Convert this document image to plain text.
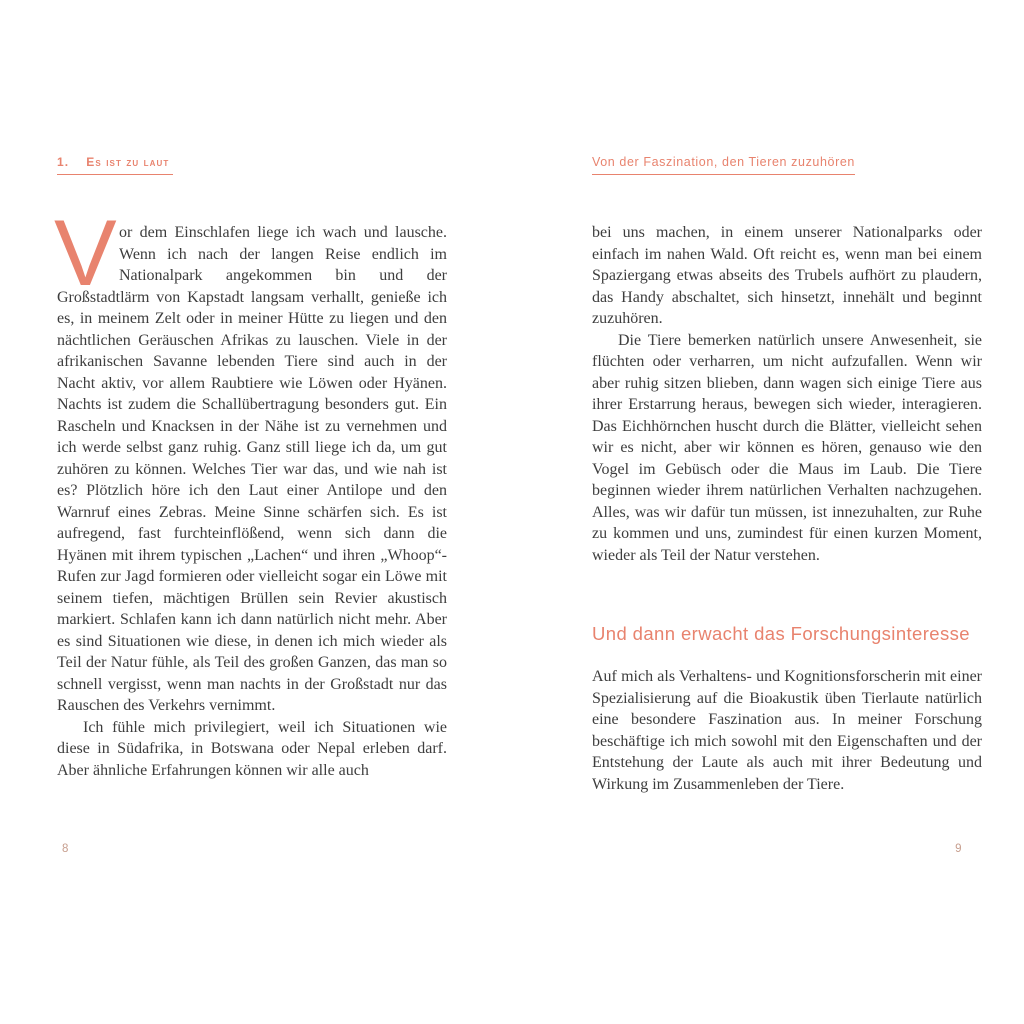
1. Es ist zu laut
V or dem Einschlafen liege ich wach und lausche. Wenn ich nach der langen Reise endlich im Nationalpark angekommen bin und der Großstadtlärm von Kapstadt langsam verhallt, genieße ich es, in meinem Zelt oder in meiner Hütte zu liegen und den nächtlichen Geräuschen Afrikas zu lauschen. Viele in der afrikanischen Savanne lebenden Tiere sind auch in der Nacht aktiv, vor allem Raubtiere wie Löwen oder Hyänen. Nachts ist zudem die Schallübertragung besonders gut. Ein Rascheln und Knacksen in der Nähe ist zu vernehmen und ich werde selbst ganz ruhig. Ganz still liege ich da, um gut zuhören zu können. Welches Tier war das, und wie nah ist es? Plötzlich höre ich den Laut einer Antilope und den Warnruf eines Zebras. Meine Sinne schärfen sich. Es ist aufregend, fast furchteinflößend, wenn sich dann die Hyänen mit ihrem typischen „Lachen“ und ihren „Whoop“-Rufen zur Jagd formieren oder vielleicht sogar ein Löwe mit seinem tiefen, mächtigen Brüllen sein Revier akustisch markiert. Schlafen kann ich dann natürlich nicht mehr. Aber es sind Situationen wie diese, in denen ich mich wieder als Teil der Natur fühle, als Teil des großen Ganzen, das man so schnell vergisst, wenn man nachts in der Großstadt nur das Rauschen des Verkehrs vernimmt.

Ich fühle mich privilegiert, weil ich Situationen wie diese in Südafrika, in Botswana oder Nepal erleben darf. Aber ähnliche Erfahrungen können wir alle auch

Von der Faszination, den Tieren zuzuhören

bei uns machen, in einem unserer Nationalparks oder einfach im nahen Wald. Oft reicht es, wenn man bei einem Spaziergang etwas abseits des Trubels aufhört zu plaudern, das Handy abschaltet, sich hinsetzt, innehält und beginnt zuzuhören.

Die Tiere bemerken natürlich unsere Anwesenheit, sie flüchten oder verharren, um nicht aufzufallen. Wenn wir aber ruhig sitzen blieben, dann wagen sich einige Tiere aus ihrer Erstarrung heraus, bewegen sich wieder, interagieren. Das Eichhörnchen huscht durch die Blätter, vielleicht sehen wir es nicht, aber wir können es hören, genauso wie den Vogel im Gebüsch oder die Maus im Laub. Die Tiere beginnen wieder ihrem natürlichen Verhalten nachzugehen. Alles, was wir dafür tun müssen, ist innezuhalten, zur Ruhe zu kommen und uns, zumindest für einen kurzen Moment, wieder als Teil der Natur verstehen.

Und dann erwacht das Forschungsinteresse

Auf mich als Verhaltens- und Kognitionsforscherin mit einer Spezialisierung auf die Bioakustik üben Tierlaute natürlich eine besondere Faszination aus. In meiner Forschung beschäftige ich mich sowohl mit den Eigenschaften und der Entstehung der Laute als auch mit ihrer Bedeutung und Wirkung im Zusammenleben der Tiere.

8	9
